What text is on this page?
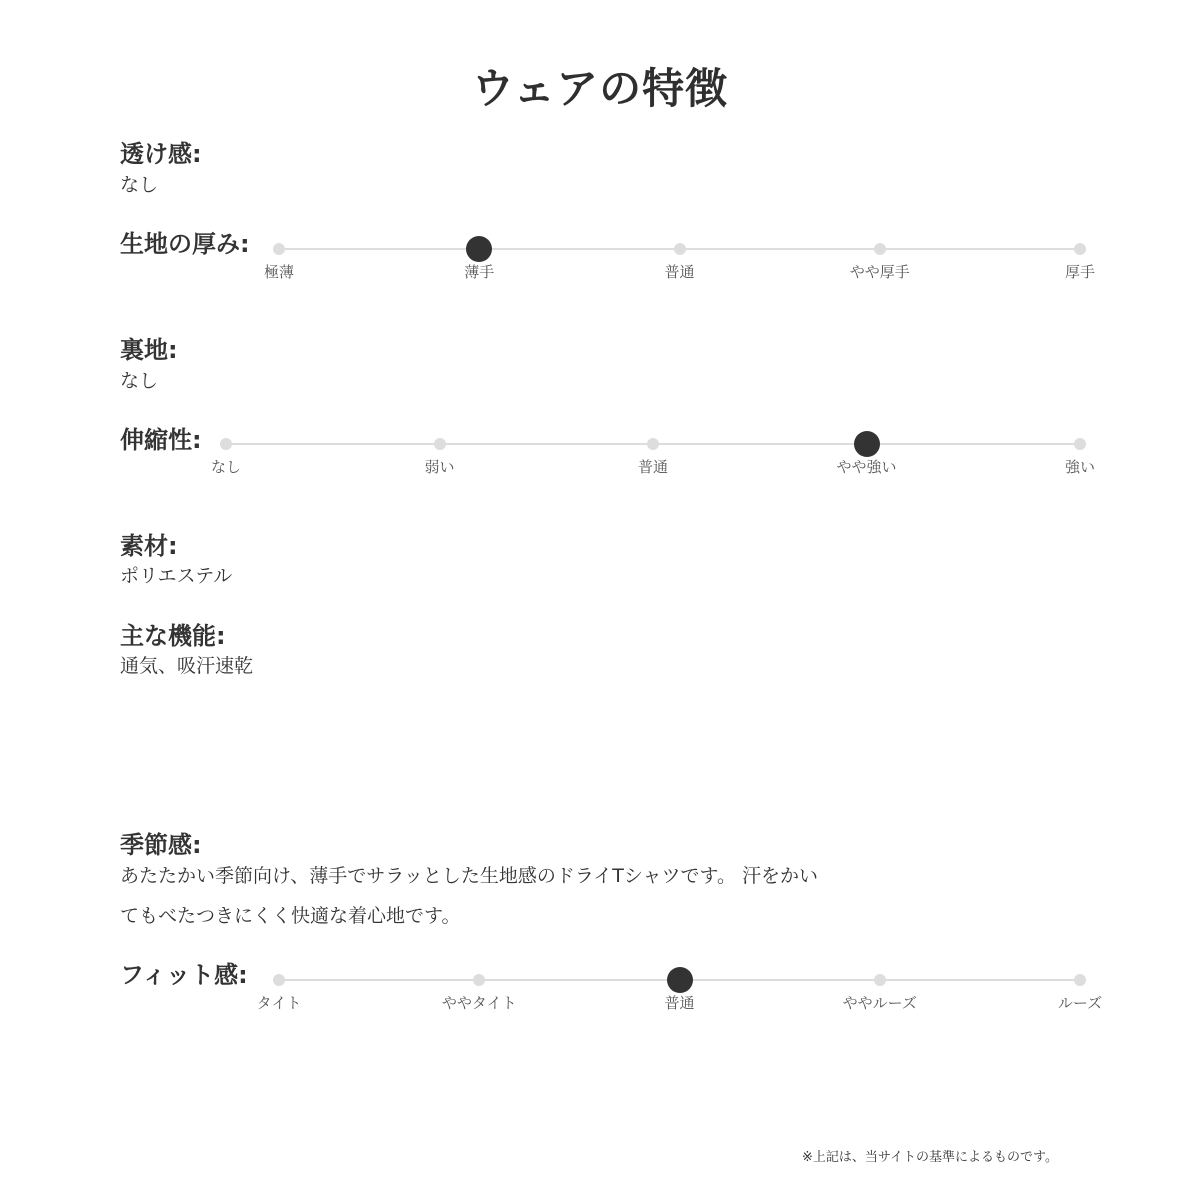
ウェアの特徴
透け感:
なし
生地の厚み:
極薄	薄手	普通	やや厚手	厚手
裏地:
なし
伸縮性:
なし	弱い	普通	やや強い	強い
素材:
ポリエステル
主な機能:
通気、吸汗速乾
季節感:
あたたかい季節向け、薄手でサラッとした生地感のドライTシャツです。 汗をかい
てもべたつきにくく快適な着心地です。
フィット感:
タイト	ややタイト	普通	ややルーズ	ルーズ
※上記は、当サイトの基準によるものです。
